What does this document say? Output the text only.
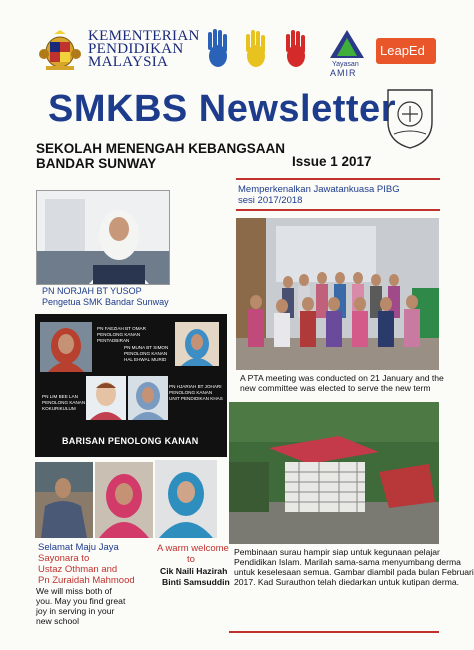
KEMENTERIAN
PENDIDIKAN
MALAYSIA	Yayasan
AMIR
LeapEd
SMKBS Newsletter
SEKOLAH MENENGAH KEBANGSAAN
BANDAR SUNWAY	Issue 1 2017
PN NORJAH BT YUSOP
Pengetua SMK Bandar Sunway
PN FAEZIAH BT OMAR
PENOLONG KANAN
PENTADBIRAN
PN MUNA BT SIMON
PENOLONG KANAN
HAL EHWAL MURID
PN LIM BEE LAN
PENOLONG KANAN
KOKURIKULUM
PN HJARIAH BT JOHARI
PENOLONG KANAN
UNIT PENDIDIKAN KHAS
BARISAN PENOLONG KANAN
Selamat Maju Jaya
Sayonara to
Ustaz Othman and
Pn Zuraidah Mahmood
We will miss both of
you. May you find great
joy in serving in your
new school
A warm welcome
to
Cik Naili Hazirah
Binti Samsuddin
Memperkenalkan Jawatankuasa PIBG
sesi 2017/2018
A PTA meeting was conducted on 21 January and the
new committee was elected to serve the new term
Pembinaan surau hampir siap untuk kegunaan pelajar
Pendidikan Islam. Marilah sama-sama menyumbang derma
untuk keselesaan semua. Gambar diambil pada bulan Februari
2017. Kad Surauthon telah diedarkan untuk kutipan derma.
